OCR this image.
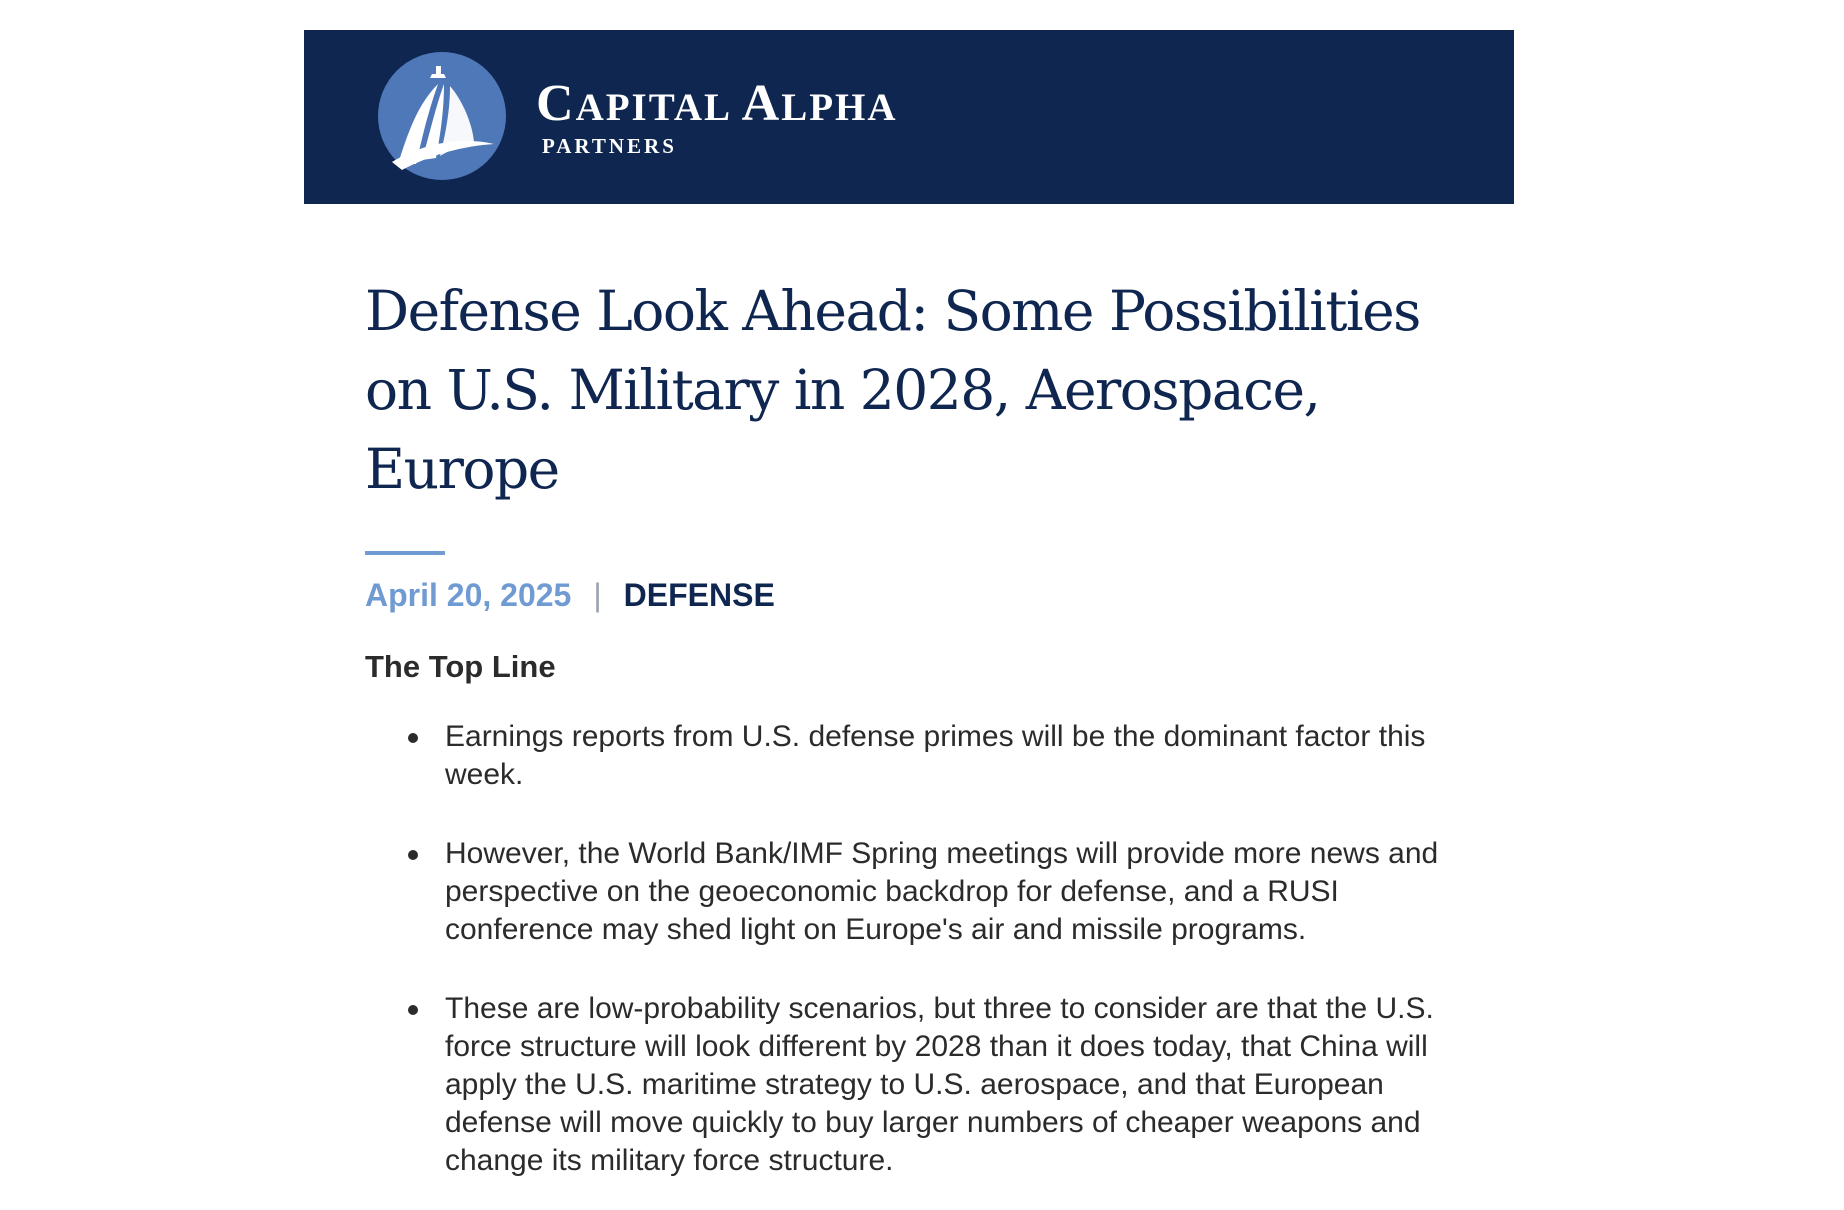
CAPITAL ALPHA
PARTNERS
Defense Look Ahead: Some Possibilities on U.S. Military in 2028, Aerospace, Europe
April 20, 2025 | DEFENSE
The Top Line
Earnings reports from U.S. defense primes will be the dominant factor this week.
However, the World Bank/IMF Spring meetings will provide more news and perspective on the geoeconomic backdrop for defense, and a RUSI conference may shed light on Europe's air and missile programs.
These are low-probability scenarios, but three to consider are that the U.S. force structure will look different by 2028 than it does today, that China will apply the U.S. maritime strategy to U.S. aerospace, and that European defense will move quickly to buy larger numbers of cheaper weapons and change its military force structure.
